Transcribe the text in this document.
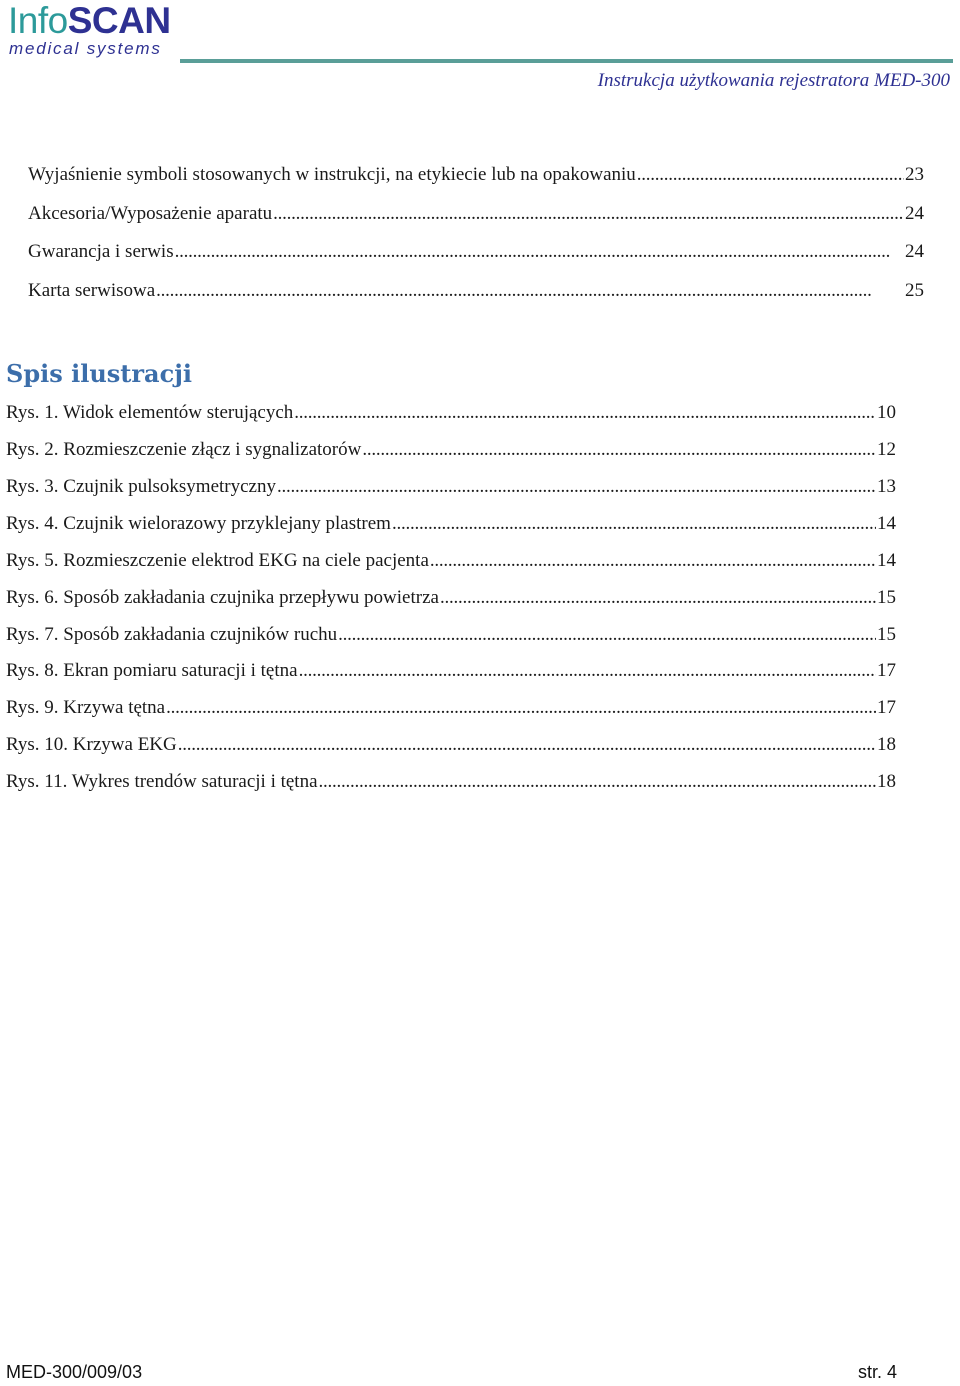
InfoSCAN
medical systems
Instrukcja użytkowania rejestratora MED-300
Wyjaśnienie symboli stosowanych w instrukcji, na etykiecie lub na opakowaniu . . .	23
Akcesoria/Wyposażenie aparatu . . .	24
Gwarancja i serwis . . .	24
Karta serwisowa . . .	25
Spis ilustracji
Rys. 1. Widok elementów sterujących . . .	10
Rys. 2. Rozmieszczenie złącz i sygnalizatorów . . .	12
Rys. 3. Czujnik pulsoksymetryczny . . .	13
Rys. 4. Czujnik wielorazowy przyklejany plastrem . . .	14
Rys. 5. Rozmieszczenie elektrod EKG na ciele pacjenta . . .	14
Rys. 6. Sposób zakładania czujnika przepływu powietrza . . .	15
Rys. 7. Sposób zakładania czujników ruchu . . .	15
Rys. 8. Ekran pomiaru saturacji i tętna . . .	17
Rys. 9. Krzywa tętna . . .	17
Rys. 10. Krzywa EKG . . .	18
Rys. 11. Wykres trendów saturacji i tętna . . .	18
MED-300/009/03	str. 4
